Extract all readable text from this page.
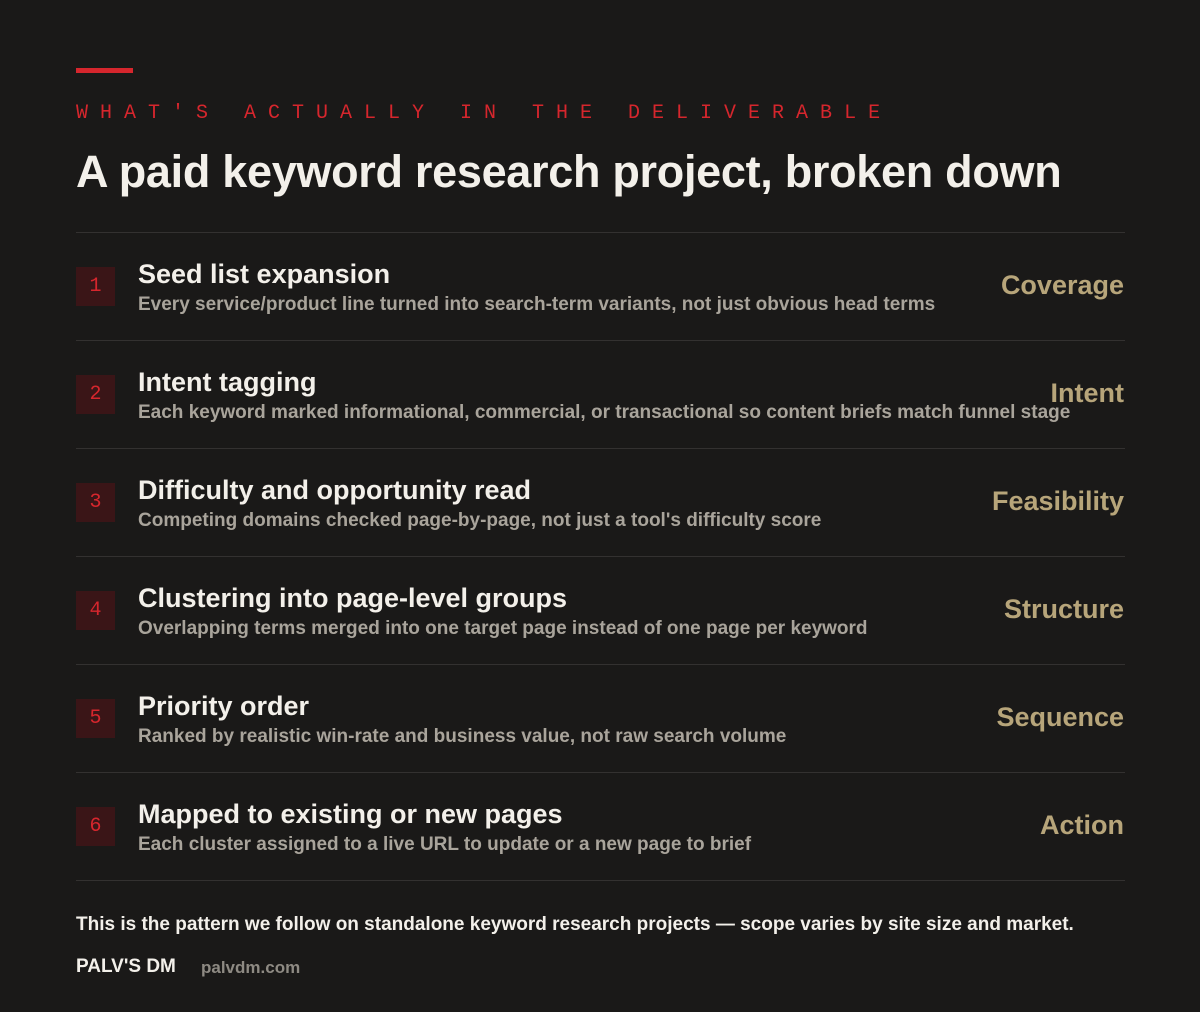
WHAT'S ACTUALLY IN THE DELIVERABLE
A paid keyword research project, broken down
1	Seed list expansion
Every service/product line turned into search-term variants, not just obvious head terms
Coverage
2	Intent tagging
Each keyword marked informational, commercial, or transactional so content briefs match funnel stage
Intent
3	Difficulty and opportunity read
Competing domains checked page-by-page, not just a tool's difficulty score
Feasibility
4	Clustering into page-level groups
Overlapping terms merged into one target page instead of one page per keyword
Structure
5	Priority order
Ranked by realistic win-rate and business value, not raw search volume
Sequence
6	Mapped to existing or new pages
Each cluster assigned to a live URL to update or a new page to brief
Action
This is the pattern we follow on standalone keyword research projects — scope varies by site size and market.
PALV'S DM palvdm.com
